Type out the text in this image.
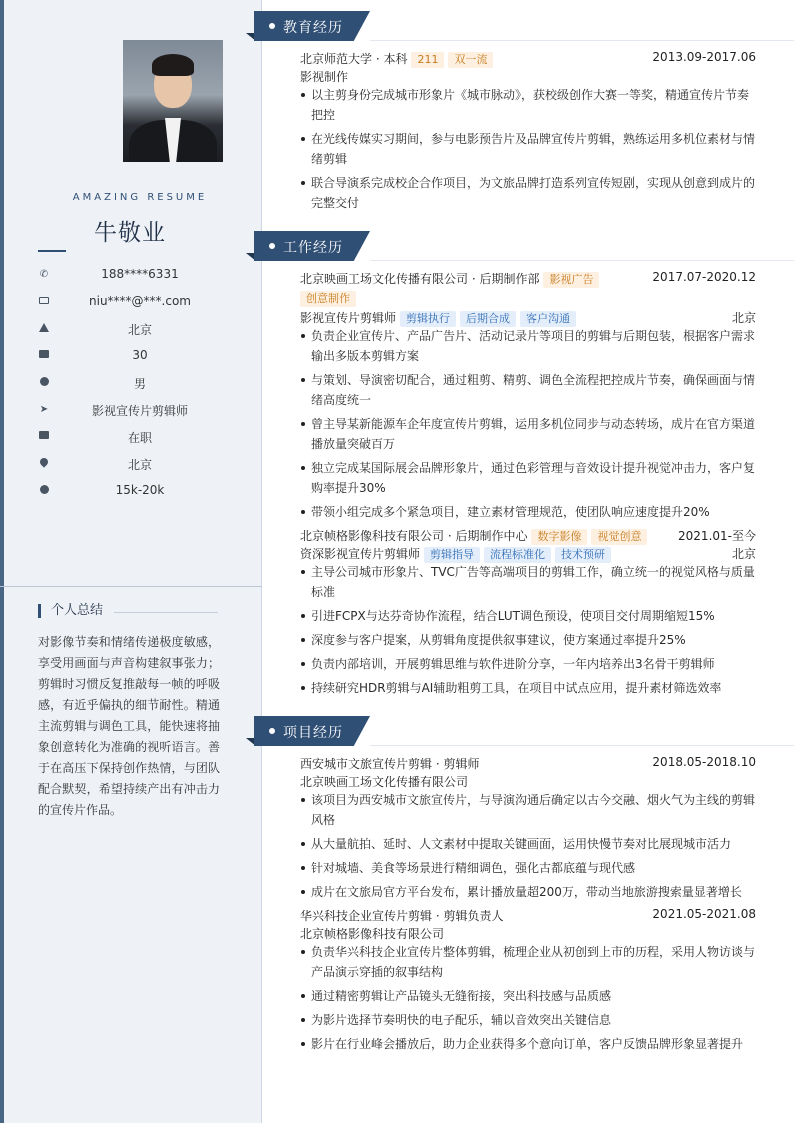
AMAZING RESUME
牛敬业
✆	188****6331
niu****@***.com
北京
30
男
➤	影视宣传片剪辑师
在职
北京
15k-20k
个人总结
对影像节奏和情绪传递极度敏感，享受用画面与声音构建叙事张力；剪辑时习惯反复推敲每一帧的呼吸感，有近乎偏执的细节耐性。精通主流剪辑与调色工具，能快速将抽象创意转化为准确的视听语言。善于在高压下保持创作热情，与团队配合默契，希望持续产出有冲击力的宣传片作品。
教育经历
北京师范大学 · 本科 211 双一流	2013.09-2017.06
影视制作
以主剪身份完成城市形象片《城市脉动》，获校级创作大赛一等奖，精通宣传片节奏把控
在光线传媒实习期间，参与电影预告片及品牌宣传片剪辑，熟练运用多机位素材与情绪剪辑
联合导演系完成校企合作项目，为文旅品牌打造系列宣传短剧，实现从创意到成片的完整交付
工作经历
北京映画工场文化传播有限公司 · 后期制作部 影视广告	2017.07-2020.12
创意制作
影视宣传片剪辑师 剪辑执行 后期合成 客户沟通	北京
负责企业宣传片、产品广告片、活动记录片等项目的剪辑与后期包装，根据客户需求输出多版本剪辑方案
与策划、导演密切配合，通过粗剪、精剪、调色全流程把控成片节奏，确保画面与情绪高度统一
曾主导某新能源车企年度宣传片剪辑，运用多机位同步与动态转场，成片在官方渠道播放量突破百万
独立完成某国际展会品牌形象片，通过色彩管理与音效设计提升视觉冲击力，客户复购率提升30%
带领小组完成多个紧急项目，建立素材管理规范，使团队响应速度提升20%
北京帧格影像科技有限公司 · 后期制作中心 数字影像 视觉创意	2021.01-至今
资深影视宣传片剪辑师 剪辑指导 流程标准化 技术预研	北京
主导公司城市形象片、TVC广告等高端项目的剪辑工作，确立统一的视觉风格与质量标准
引进FCPX与达芬奇协作流程，结合LUT调色预设，使项目交付周期缩短15%
深度参与客户提案，从剪辑角度提供叙事建议，使方案通过率提升25%
负责内部培训，开展剪辑思维与软件进阶分享，一年内培养出3名骨干剪辑师
持续研究HDR剪辑与AI辅助粗剪工具，在项目中试点应用，提升素材筛选效率
项目经历
西安城市文旅宣传片剪辑 · 剪辑师	2018.05-2018.10
北京映画工场文化传播有限公司
该项目为西安城市文旅宣传片，与导演沟通后确定以古今交融、烟火气为主线的剪辑风格
从大量航拍、延时、人文素材中提取关键画面，运用快慢节奏对比展现城市活力
针对城墙、美食等场景进行精细调色，强化古都底蕴与现代感
成片在文旅局官方平台发布，累计播放量超200万，带动当地旅游搜索量显著增长
华兴科技企业宣传片剪辑 · 剪辑负责人	2021.05-2021.08
北京帧格影像科技有限公司
负责华兴科技企业宣传片整体剪辑，梳理企业从初创到上市的历程，采用人物访谈与产品演示穿插的叙事结构
通过精密剪辑让产品镜头无缝衔接，突出科技感与品质感
为影片选择节奏明快的电子配乐，辅以音效突出关键信息
影片在行业峰会播放后，助力企业获得多个意向订单，客户反馈品牌形象显著提升
